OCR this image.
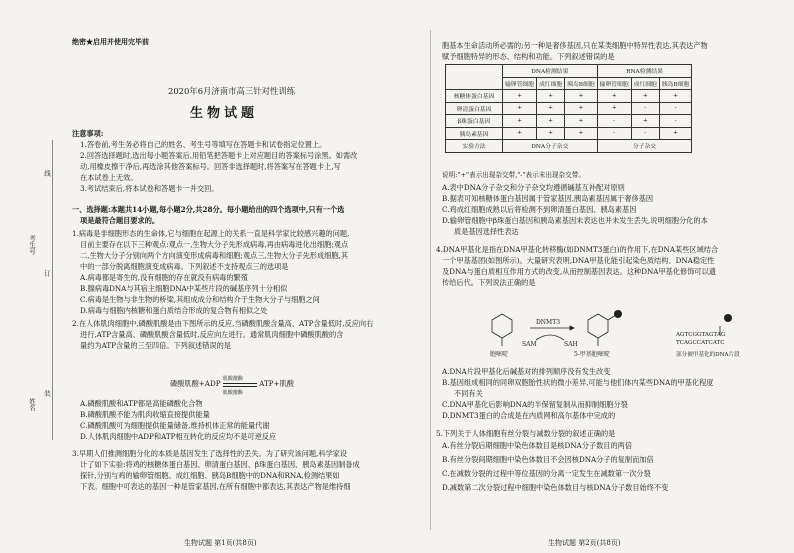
线
订
装
考生号
姓名
绝密★启用并使用完毕前
2020年6月济南市高三针对性训练
生物试题
注意事项:
1.答卷前,考生务必将自己的姓名、考生号等填写在答题卡和试卷指定位置上。
2.回答选择题时,选出每小题答案后,用铅笔把答题卡上对应题目的答案标号涂黑。如需改
动,用橡皮擦干净后,再选涂其他答案标号。回答非选择题时,将答案写在答题卡上,写
在本试卷上无效。
3.考试结束后,将本试卷和答题卡一并交回。
一、选择题:本题共14小题,每小题2分,共28分。每小题给出的四个选项中,只有一个选
项是最符合题目要求的。
1.病毒是非细胞形态的生命体,它与细胞在起源上的关系一直是科学家比较感兴趣的问题,
目前主要存在以下三种观点:观点一,生物大分子先形成病毒,再由病毒进化出细胞;观点
二,生物大分子分别向两个方向演变形成病毒和细胞;观点三,生物大分子先形成细胞,其
中的一部分脱离细胞演变成病毒。下列叙述不支持观点三的选项是
A.病毒都是寄生的,没有细胞的存在就没有病毒的繁殖
B.腺病毒DNA与其宿主细胞DNA中某些片段的碱基序列十分相似
C.病毒是生物与非生物的桥梁,其组成成分和结构介于生物大分子与细胞之间
D.病毒与细胞内核糖和蛋白质结合形成的复合物有相似之处
2.在人体肌肉细胞中,磷酸肌酸是由下图所示的反应,当磷酸肌酸含量高、ATP含量低时,反应向右
进行,ATP含量高、磷酸肌酸含量低时,反应向左进行。通常肌肉细胞中磷酸肌酸的含
量约为ATP含量的三至四倍。下列叙述错误的是
磷酸肌酸+ADP
肌酸激酶
肌酸激酶
ATP+肌酸
A.磷酸肌酸和ATP都是高能磷酸化合物
B.磷酸肌酸不能为肌肉收缩直接提供能量
C.磷酸肌酸可为细胞提供能量储备,维持机体正常的能量代谢
D.人体肌肉细胞中ADP和ATP相互转化的反应均不是可逆反应
3.早期人们推测细胞分化的本质是基因发生了选择性的丢失。为了研究该问题,科学家设
计了如下实验:将鸡的核糖体蛋白基因、卵清蛋白基因、β珠蛋白基因、胰岛素基因制备成
探针,分别与鸡的输卵管细胞、成红细胞、胰岛B细胞中的DNA和RNA,检测结果如
下表。细胞中可表达的基因一种是管家基因,在所有细胞中都表达,其表达产物是维持细
生物试题 第1页(共8页)
胞基本生命活动所必需的;另一种是奢侈基因,只在某类细胞中特异性表达,其表达产物
赋予细胞特异的形态、结构和功能。下列叙述错误的是
	DNA检测结果			RNA检测结果		
	输卵管细胞	成红细胞	胰岛B细胞	输卵管细胞	成红细胞	胰岛B细胞
核糖体蛋白基因	+	+	+	+	+	+
卵清蛋白基因	+	+	+	+	-	-
β珠蛋白基因	+	+	+	-	+	-
胰岛素基因	+	+	+	-	-	+
实验方法	DNA分子杂交			分子杂交		
说明:"+"表示出现杂交带,"-"表示未出现杂交带。
A.表中DNA分子杂交和分子杂交均遵循碱基互补配对原则
B.据表可知核糖体蛋白基因属于管家基因,胰岛素基因属于奢侈基因
C.鸡成红细胞成熟以后将检测不到卵清蛋白基因、胰岛素基因
D.输卵管细胞中β珠蛋白基因和胰岛素基因未表达也并未发生丢失,说明细胞分化的本
质是基因选择性表达
4.DNA甲基化是指在DNA甲基化转移酶(如DNMT3蛋白)的作用下,在DNA某些区域结合
一个甲基基团(如图所示)。大量研究表明,DNA甲基化能引起染色质结构、DNA稳定性
及DNA与蛋白质相互作用方式的改变,从而控制基因表达。这种DNA甲基化修饰可以遗
传给后代。下列说法正确的是
胞嘧啶
DNMT3
SAM	SAH
5-甲基胞嘧啶
AGTCGGTAGTAG
TCAGCCATCATC
部分被甲基化的DNA片段
A.DNA片段甲基化后碱基对的排列顺序没有发生改变
B.基因组成相同的同卵双胞胎性状的微小差异,可能与他们体内某些DNA的甲基化程度
不同有关
C.DNA甲基化后影响DNA的半保留复制从而抑制细胞分裂
D.DNMT3蛋白的合成是在内质网和高尔基体中完成的
5.下列关于人体细胞有丝分裂与减数分裂的叙述正确的是
A.有丝分裂后期细胞中染色体数目是核DNA分子数目的两倍
B.有丝分裂间期细胞中染色体数目不会因核DNA分子的复制而加倍
C.在减数分裂的过程中等位基因的分离一定发生在减数第一次分裂
D.减数第二次分裂过程中细胞中染色体数目与核DNA分子数目始终不变
生物试题 第2页(共8页)
